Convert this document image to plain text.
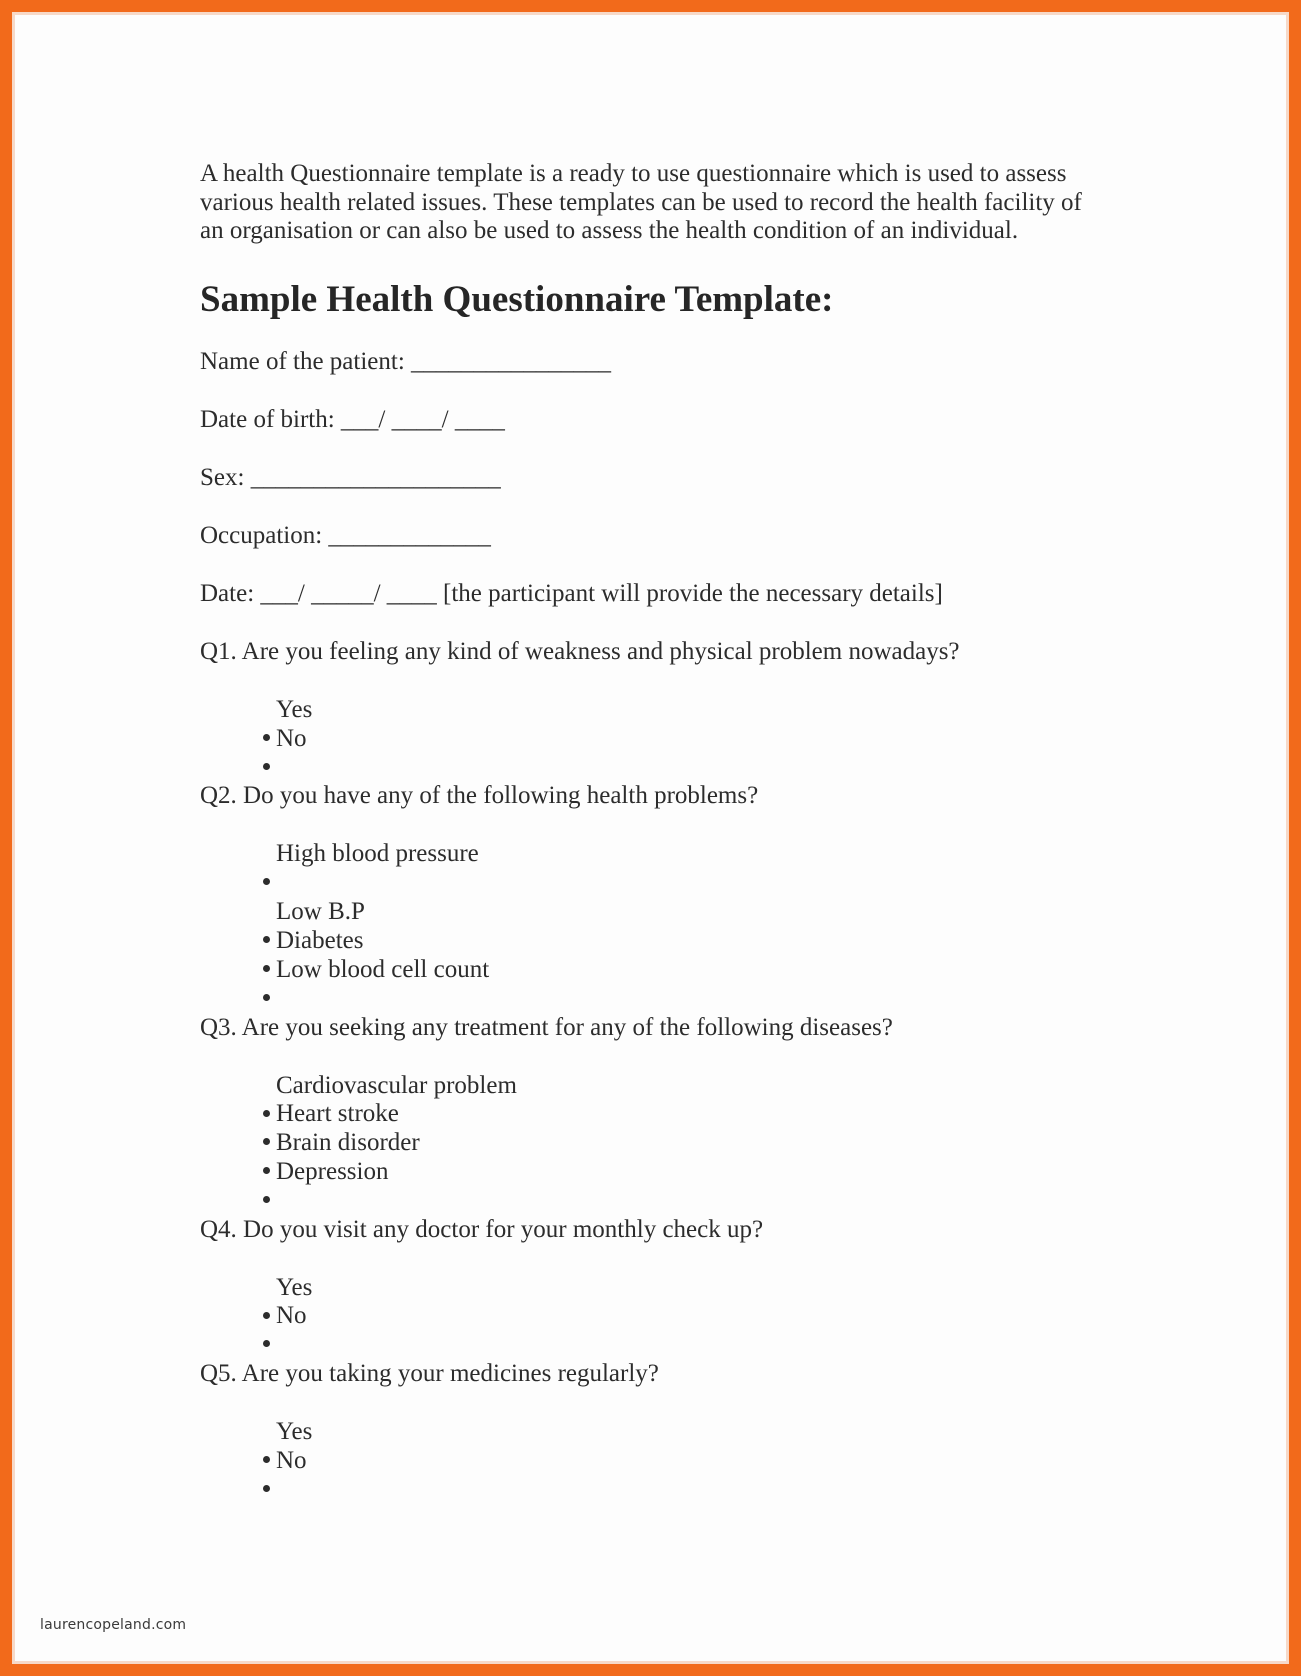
A health Questionnaire template is a ready to use questionnaire which is used to assess various health related issues. These templates can be used to record the health facility of an organisation or can also be used to assess the health condition of an individual.

Sample Health Questionnaire Template:
Name of the patient: ________________
Date of birth: ___/ ____/ ____
Sex: ____________________
Occupation: _____________
Date: ___/ _____/ ____ [the participant will provide the necessary details]
Q1. Are you feeling any kind of weakness and physical problem nowadays?

Yes

No

Q2. Do you have any of the following health problems?

High blood pressure

Low B.P

Diabetes

Low blood cell count

Q3. Are you seeking any treatment for any of the following diseases?

Cardiovascular problem

Heart stroke

Brain disorder

Depression

Q4. Do you visit any doctor for your monthly check up?

Yes

No

Q5. Are you taking your medicines regularly?

Yes

No

laurencopeland.com
